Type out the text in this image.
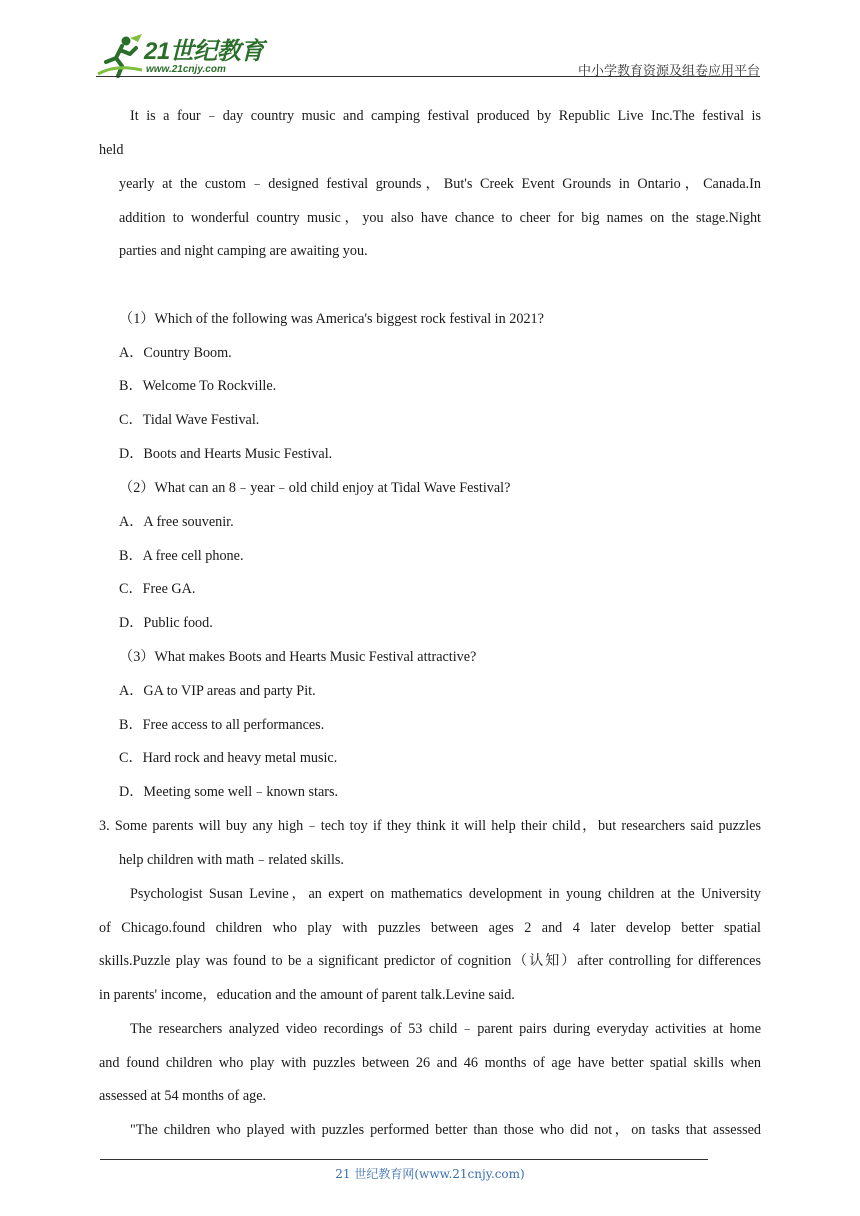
21世纪教育
www.21cnjy.com	中小学教育资源及组卷应用平台
It is a four﹣day country music and camping festival produced by Republic Live Inc.The festival is
held
yearly at the custom﹣designed festival grounds，But's Creek Event Grounds in Ontario，Canada.In
addition to wonderful country music，you also have chance to cheer for big names on the stage.Night
parties and night camping are awaiting you.
（1）Which of the following was America's biggest rock festival in 2021?
A．Country Boom.
B．Welcome To Rockville.
C．Tidal Wave Festival.
D．Boots and Hearts Music Festival.
（2）What can an 8﹣year﹣old child enjoy at Tidal Wave Festival?
A．A free souvenir.
B．A free cell phone.
C．Free GA.
D．Public food.
（3）What makes Boots and Hearts Music Festival attractive?
A．GA to VIP areas and party Pit.
B．Free access to all performances.
C．Hard rock and heavy metal music.
D．Meeting some well﹣known stars.
3. Some parents will buy any high﹣tech toy if they think it will help their child，but researchers said puzzles
help children with math﹣related skills.
Psychologist Susan Levine，an expert on mathematics development in young children at the University
of Chicago.found children who play with puzzles between ages 2 and 4 later develop better spatial
skills.Puzzle play was found to be a significant predictor of cognition（认知）after controlling for differences
in parents' income，education and the amount of parent talk.Levine said.
The researchers analyzed video recordings of 53 child﹣parent pairs during everyday activities at home
and found children who play with puzzles between 26 and 46 months of age have better spatial skills when
assessed at 54 months of age.
"The children who played with puzzles performed better than those who did not，on tasks that assessed
21 世纪教育网(www.21cnjy.com)
